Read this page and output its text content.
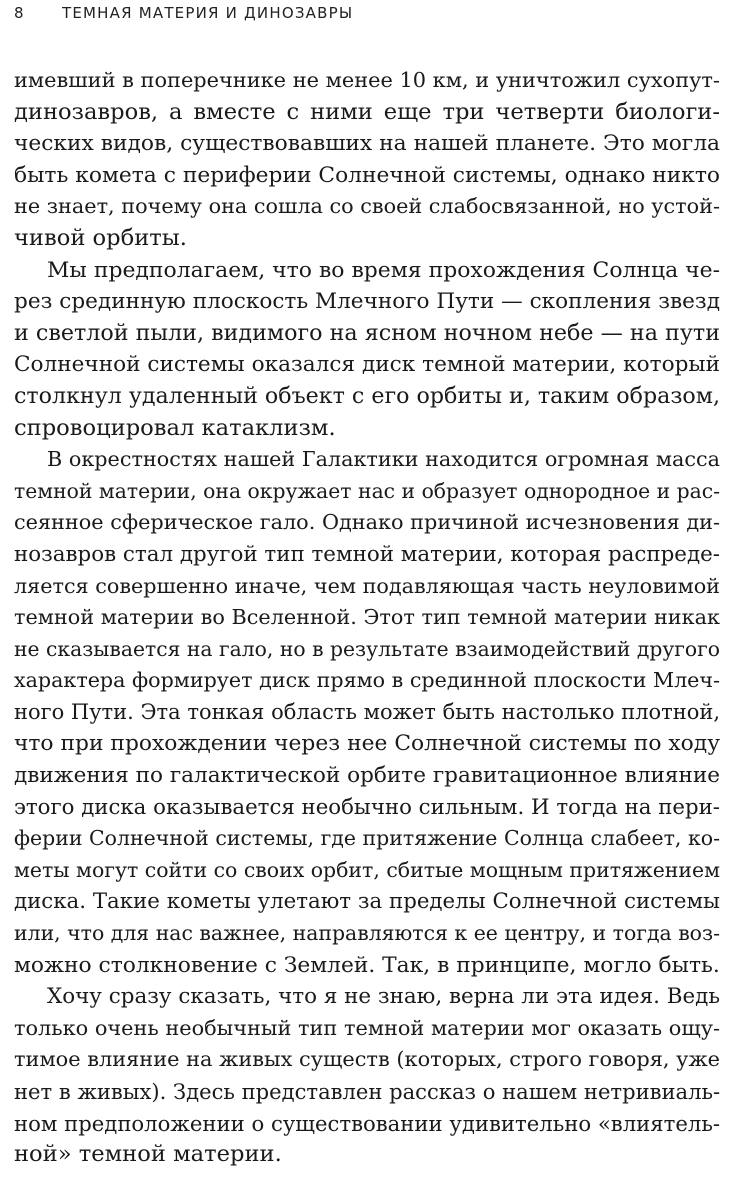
8 ТЕМНАЯ МАТЕРИЯ И ДИНОЗАВРЫ
имевший в поперечнике не менее 10 км, и уничтожил сухопут-
динозавров, а вместе с ними еще три четверти биологи-
ческих видов, существовавших на нашей планете. Это могла
быть комета с периферии Солнечной системы, однако никто
не знает, почему она сошла со своей слабосвязанной, но устой-
чивой орбиты.
Мы предполагаем, что во время прохождения Солнца че-
рез срединную плоскость Млечного Пути — скопления звезд
и светлой пыли, видимого на ясном ночном небе — на пути
Солнечной системы оказался диск темной материи, который
столкнул удаленный объект с его орбиты и, таким образом,
спровоцировал катаклизм.
В окрестностях нашей Галактики находится огромная масса
темной материи, она окружает нас и образует однородное и рас-
сеянное сферическое гало. Однако причиной исчезновения ди-
нозавров стал другой тип темной материи, которая распреде-
ляется совершенно иначе, чем подавляющая часть неуловимой
темной материи во Вселенной. Этот тип темной материи никак
не сказывается на гало, но в результате взаимодействий другого
характера формирует диск прямо в срединной плоскости Млеч-
ного Пути. Эта тонкая область может быть настолько плотной,
что при прохождении через нее Солнечной системы по ходу
движения по галактической орбите гравитационное влияние
этого диска оказывается необычно сильным. И тогда на пери-
ферии Солнечной системы, где притяжение Солнца слабеет, ко-
меты могут сойти со своих орбит, сбитые мощным притяжением
диска. Такие кометы улетают за пределы Солнечной системы
или, что для нас важнее, направляются к ее центру, и тогда воз-
можно столкновение с Землей. Так, в принципе, могло быть.
Хочу сразу сказать, что я не знаю, верна ли эта идея. Ведь
только очень необычный тип темной материи мог оказать ощу-
тимое влияние на живых существ (которых, строго говоря, уже
нет в живых). Здесь представлен рассказ о нашем нетривиаль-
ном предположении о существовании удивительно «влиятель-
ной» темной материи.
